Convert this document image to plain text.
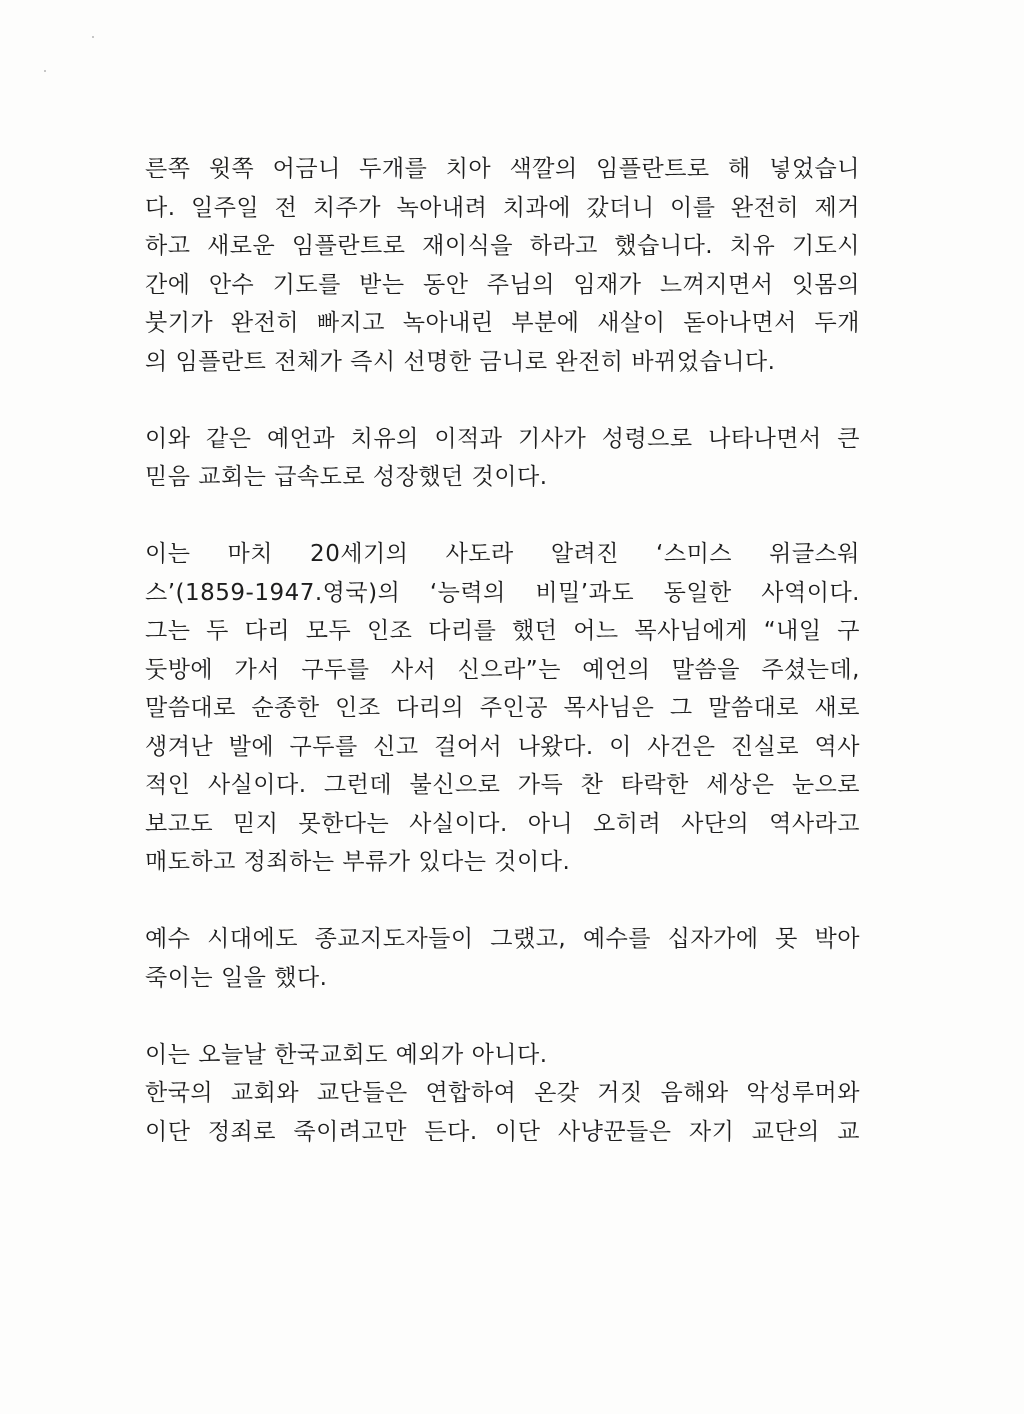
른쪽 윗쪽 어금니 두개를 치아 색깔의 임플란트로 해 넣었습니
다. 일주일 전 치주가 녹아내려 치과에 갔더니 이를 완전히 제거
하고 새로운 임플란트로 재이식을 하라고 했습니다. 치유 기도시
간에 안수 기도를 받는 동안 주님의 임재가 느껴지면서 잇몸의
붓기가 완전히 빠지고 녹아내린 부분에 새살이 돋아나면서 두개
의 임플란트 전체가 즉시 선명한 금니로 완전히 바뀌었습니다.

이와 같은 예언과 치유의 이적과 기사가 성령으로 나타나면서 큰
믿음 교회는 급속도로 성장했던 것이다.

이는 마치 20세기의 사도라 알려진 ‘스미스 위글스워
스’(1859-1947.영국)의 ‘능력의 비밀’과도 동일한 사역이다.
그는 두 다리 모두 인조 다리를 했던 어느 목사님에게 “내일 구
둣방에 가서 구두를 사서 신으라”는 예언의 말씀을 주셨는데,
말씀대로 순종한 인조 다리의 주인공 목사님은 그 말씀대로 새로
생겨난 발에 구두를 신고 걸어서 나왔다. 이 사건은 진실로 역사
적인 사실이다. 그런데 불신으로 가득 찬 타락한 세상은 눈으로
보고도 믿지 못한다는 사실이다. 아니 오히려 사단의 역사라고
매도하고 정죄하는 부류가 있다는 것이다.

예수 시대에도 종교지도자들이 그랬고, 예수를 십자가에 못 박아
죽이는 일을 했다.

이는 오늘날 한국교회도 예외가 아니다.
한국의 교회와 교단들은 연합하여 온갖 거짓 음해와 악성루머와
이단 정죄로 죽이려고만 든다. 이단 사냥꾼들은 자기 교단의 교
